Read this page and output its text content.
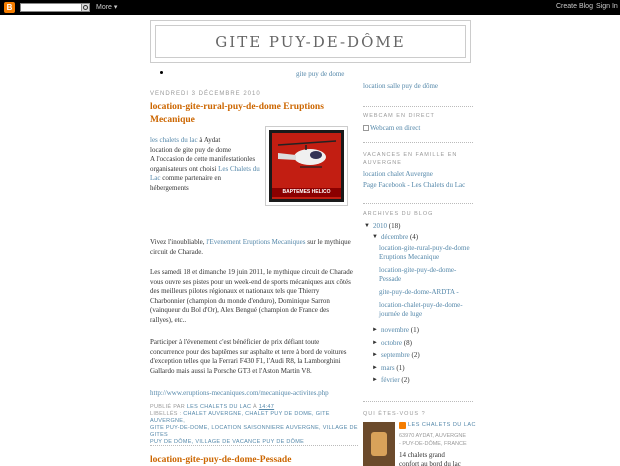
B	More ▾	Create Blog Sign In
GITE PUY-DE-DÔME
gite puy de dome
VENDREDI 3 DÉCEMBRE 2010
location-gite-rural-puy-de-dome Eruptions Mecanique
les chalets du lac à Aydat
location de gite puy de dome
A l'occasion de cette manifestationles
organisateurs ont choisi Les Chalets du
Lac comme partenaire en
hébergements
BAPTEMES HELICO
Vivez l'inoubliable, l'Evenement Eruptions Mecaniques sur le mythique
circuit de Charade.
Les samedi 18 et dimanche 19 juin 2011, le mythique circuit de Charade
vous ouvre ses pistes pour un week-end de sports mécaniques aux côtés
des meilleurs pilotes régionaux et nationaux tels que Thierry
Charbonnier (champion du monde d'enduro), Dominique Sarron
(vainqueur du Bol d'Or), Alex Bengué (champion de France des
rallyes), etc..
Participer à l'évenement c'est bénéficier de prix défiant toute
concurrence pour des baptêmes sur asphalte et terre à bord de voitures
d'exception telles que la Ferrari F430 F1, l'Audi R8, la Lamborghini
Gallardo mais aussi la Porsche GT3 et l'Aston Martin V8.
http://www.eruptions-mecaniques.com/mecanique-activites.php
PUBLIÉ PAR LES CHALETS DU LAC À 14:47
LIBELLÉS : CHALET AUVERGNE, CHALET PUY DE DOME, GITE AUVERGNE,
GITE PUY-DE-DOME, LOCATION SAISONNIERE AUVERGNE, VILLAGE DE GITES
PUY DE DÔME, VILLAGE DE VACANCE PUY DE DÔME
location-gite-puy-de-dome-Pessade
location salle puy de dôme
WEBCAM EN DIRECT
Webcam en direct
VACANCES EN FAMILLE EN
AUVERGNE
location chalet Auvergne
Page Facebook - Les Chalets du Lac
ARCHIVES DU BLOG
▼ 2010 (18)
▼ décembre (4)
location-gite-rural-puy-de-dome
Eruptions Mecanique
location-gite-puy-de-dome-
Pessade
gite-puy-de-dome-ARDTA -
location-chalet-puy-de-dome-
journée de luge
► novembre (1)
► octobre (8)
► septembre (2)
► mars (1)
► février (2)
QUI ÊTES-VOUS ?
LES CHALETS DU LAC
63970 AYDAT, AUVERGNE
- PUY-DE-DÔME, FRANCE
14 chalets grand
confort au bord du lac
